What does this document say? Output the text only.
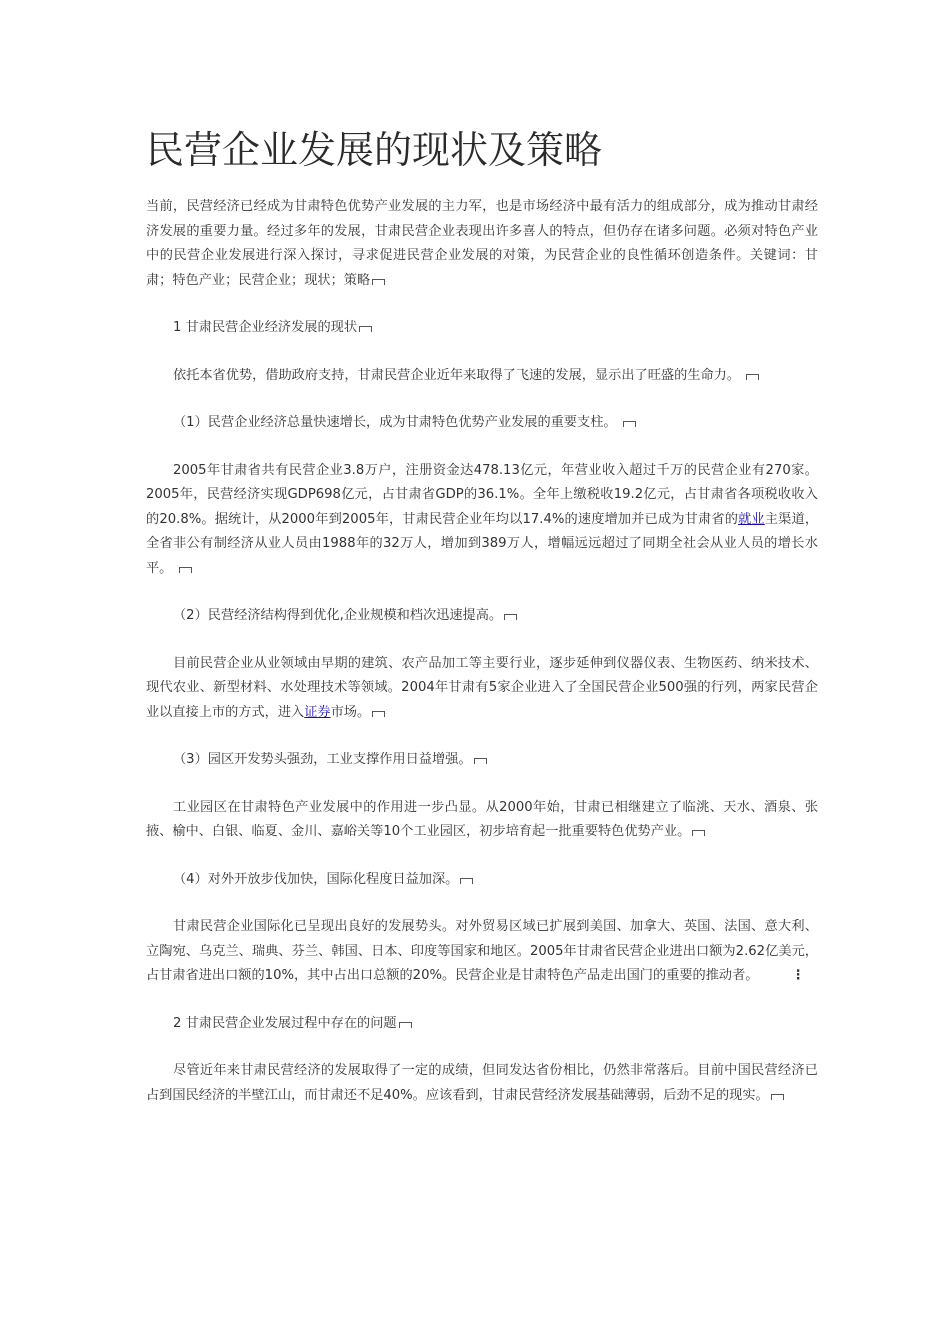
民营企业发展的现状及策略

当前，民营经济已经成为甘肃特色优势产业发展的主力军，也是市场经济中最有活力的组成部分，成为推动甘肃经济发展的重要力量。经过多年的发展，甘肃民营企业表现出许多喜人的特点，但仍存在诸多问题。必须对特色产业中的民营企业发展进行深入探讨，寻求促进民营企业发展的对策，为民营企业的良性循环创造条件。关键词：甘肃；特色产业；民营企业；现状；策略

1 甘肃民营企业经济发展的现状

依托本省优势，借助政府支持，甘肃民营企业近年来取得了飞速的发展，显示出了旺盛的生命力。

（1）民营企业经济总量快速增长，成为甘肃特色优势产业发展的重要支柱。

2005年甘肃省共有民营企业3.8万户，注册资金达478.13亿元，年营业收入超过千万的民营企业有270家。2005年，民营经济实现GDP698亿元，占甘肃省GDP的36.1%。全年上缴税收19.2亿元，占甘肃省各项税收收入的20.8%。据统计，从2000年到2005年，甘肃民营企业年均以17.4%的速度增加并已成为甘肃省的就业主渠道，全省非公有制经济从业人员由1988年的32万人，增加到389万人，增幅远远超过了同期全社会从业人员的增长水平。

（2）民营经济结构得到优化,企业规模和档次迅速提高。

目前民营企业从业领域由早期的建筑、农产品加工等主要行业，逐步延伸到仪器仪表、生物医药、纳米技术、现代农业、新型材料、水处理技术等领域。2004年甘肃有5家企业进入了全国民营企业500强的行列，两家民营企业以直接上市的方式，进入证券市场。

（3）园区开发势头强劲，工业支撑作用日益增强。

工业园区在甘肃特色产业发展中的作用进一步凸显。从2000年始，甘肃已相继建立了临洮、天水、酒泉、张掖、榆中、白银、临夏、金川、嘉峪关等10个工业园区，初步培育起一批重要特色优势产业。

（4）对外开放步伐加快，国际化程度日益加深。

甘肃民营企业国际化已呈现出良好的发展势头。对外贸易区域已扩展到美国、加拿大、英国、法国、意大利、立陶宛、乌克兰、瑞典、芬兰、韩国、日本、印度等国家和地区。2005年甘肃省民营企业进出口额为2.62亿美元，占甘肃省进出口额的10%，其中占出口总额的20%。民营企业是甘肃特色产品走出国门的重要的推动者。	⋮

2 甘肃民营企业发展过程中存在的问题

尽管近年来甘肃民营经济的发展取得了一定的成绩，但同发达省份相比，仍然非常落后。目前中国民营经济已占到国民经济的半壁江山，而甘肃还不足40%。应该看到，甘肃民营经济发展基础薄弱，后劲不足的现实。
